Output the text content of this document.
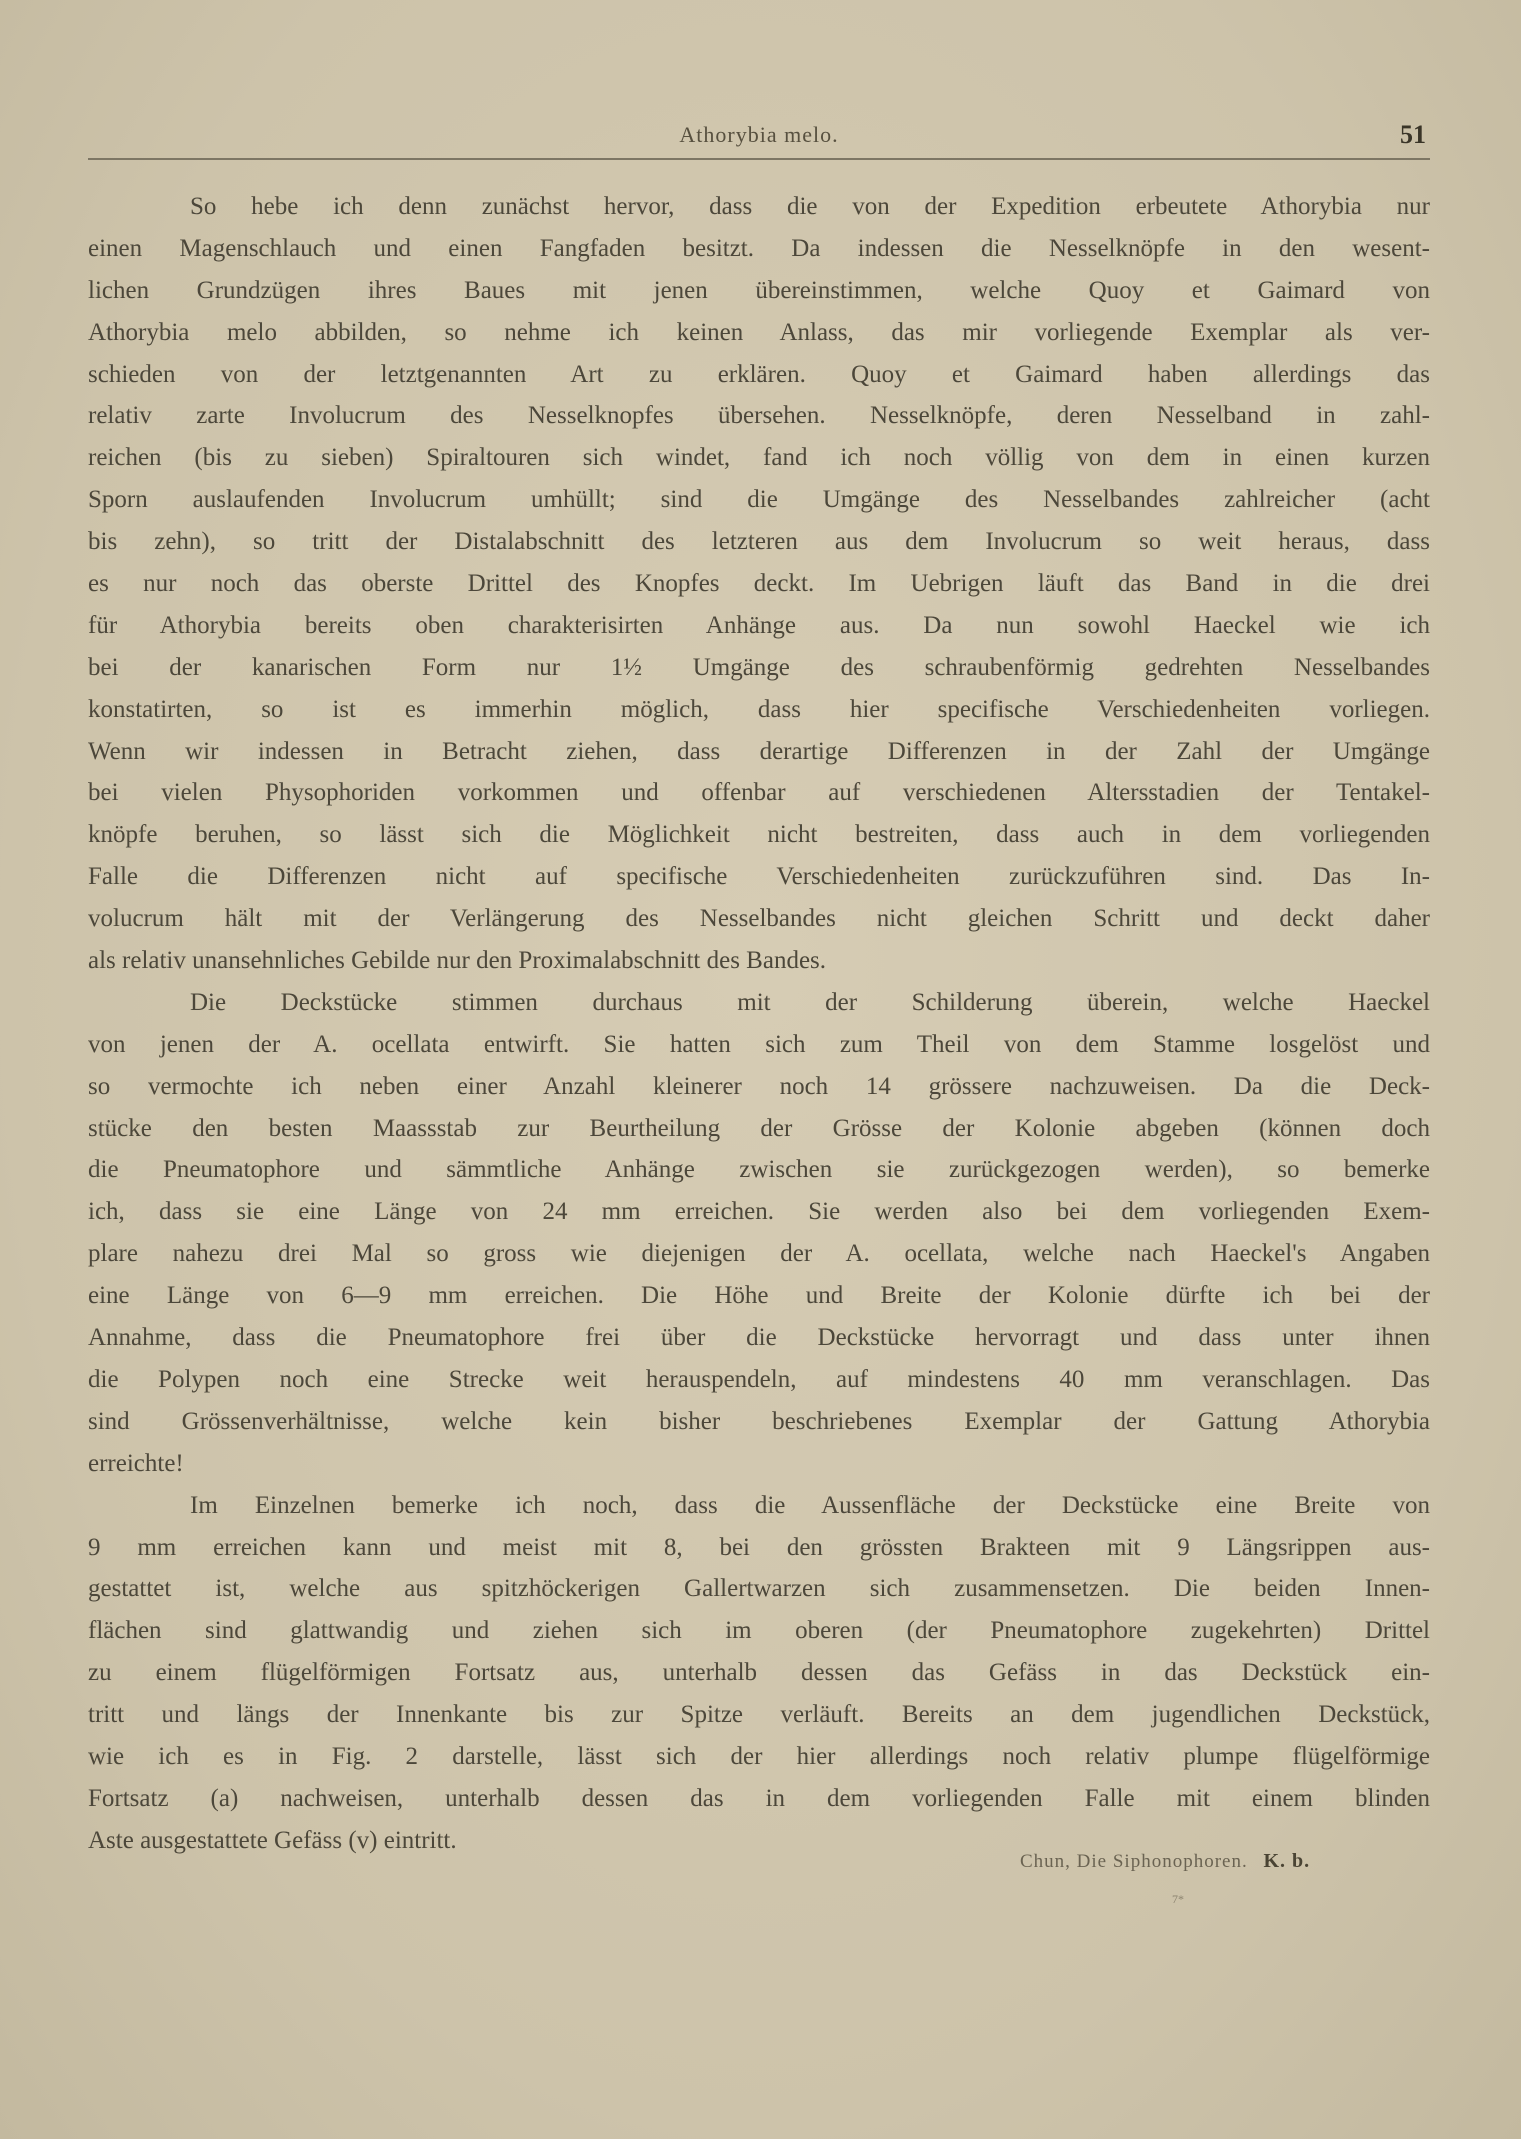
Athorybia melo.	51
So hebe ich denn zunächst hervor, dass die von der Expedition erbeutete Athorybia nur
einen Magenschlauch und einen Fangfaden besitzt. Da indessen die Nesselknöpfe in den wesent-
lichen Grundzügen ihres Baues mit jenen übereinstimmen, welche Quoy et Gaimard von
Athorybia melo abbilden, so nehme ich keinen Anlass, das mir vorliegende Exemplar als ver-
schieden von der letztgenannten Art zu erklären. Quoy et Gaimard haben allerdings das
relativ zarte Involucrum des Nesselknopfes übersehen. Nesselknöpfe, deren Nesselband in zahl-
reichen (bis zu sieben) Spiraltouren sich windet, fand ich noch völlig von dem in einen kurzen
Sporn auslaufenden Involucrum umhüllt; sind die Umgänge des Nesselbandes zahlreicher (acht
bis zehn), so tritt der Distalabschnitt des letzteren aus dem Involucrum so weit heraus, dass
es nur noch das oberste Drittel des Knopfes deckt. Im Uebrigen läuft das Band in die drei
für Athorybia bereits oben charakterisirten Anhänge aus. Da nun sowohl Haeckel wie ich
bei der kanarischen Form nur 1½ Umgänge des schraubenförmig gedrehten Nesselbandes
konstatirten, so ist es immerhin möglich, dass hier specifische Verschiedenheiten vorliegen.
Wenn wir indessen in Betracht ziehen, dass derartige Differenzen in der Zahl der Umgänge
bei vielen Physophoriden vorkommen und offenbar auf verschiedenen Altersstadien der Tentakel-
knöpfe beruhen, so lässt sich die Möglichkeit nicht bestreiten, dass auch in dem vorliegenden
Falle die Differenzen nicht auf specifische Verschiedenheiten zurückzuführen sind. Das In-
volucrum hält mit der Verlängerung des Nesselbandes nicht gleichen Schritt und deckt daher
als relativ unansehnliches Gebilde nur den Proximalabschnitt des Bandes.
Die Deckstücke stimmen durchaus mit der Schilderung überein, welche Haeckel
von jenen der A. ocellata entwirft. Sie hatten sich zum Theil von dem Stamme losgelöst und
so vermochte ich neben einer Anzahl kleinerer noch 14 grössere nachzuweisen. Da die Deck-
stücke den besten Maassstab zur Beurtheilung der Grösse der Kolonie abgeben (können doch
die Pneumatophore und sämmtliche Anhänge zwischen sie zurückgezogen werden), so bemerke
ich, dass sie eine Länge von 24 mm erreichen. Sie werden also bei dem vorliegenden Exem-
plare nahezu drei Mal so gross wie diejenigen der A. ocellata, welche nach Haeckel's Angaben
eine Länge von 6—9 mm erreichen. Die Höhe und Breite der Kolonie dürfte ich bei der
Annahme, dass die Pneumatophore frei über die Deckstücke hervorragt und dass unter ihnen
die Polypen noch eine Strecke weit herauspendeln, auf mindestens 40 mm veranschlagen. Das
sind Grössenverhältnisse, welche kein bisher beschriebenes Exemplar der Gattung Athorybia
erreichte!
Im Einzelnen bemerke ich noch, dass die Aussenfläche der Deckstücke eine Breite von
9 mm erreichen kann und meist mit 8, bei den grössten Brakteen mit 9 Längsrippen aus-
gestattet ist, welche aus spitzhöckerigen Gallertwarzen sich zusammensetzen. Die beiden Innen-
flächen sind glattwandig und ziehen sich im oberen (der Pneumatophore zugekehrten) Drittel
zu einem flügelförmigen Fortsatz aus, unterhalb dessen das Gefäss in das Deckstück ein-
tritt und längs der Innenkante bis zur Spitze verläuft. Bereits an dem jugendlichen Deckstück,
wie ich es in Fig. 2 darstelle, lässt sich der hier allerdings noch relativ plumpe flügelförmige
Fortsatz (a) nachweisen, unterhalb dessen das in dem vorliegenden Falle mit einem blinden
Aste ausgestattete Gefäss (v) eintritt.
Chun, Die Siphonophoren. K. b.
7*
